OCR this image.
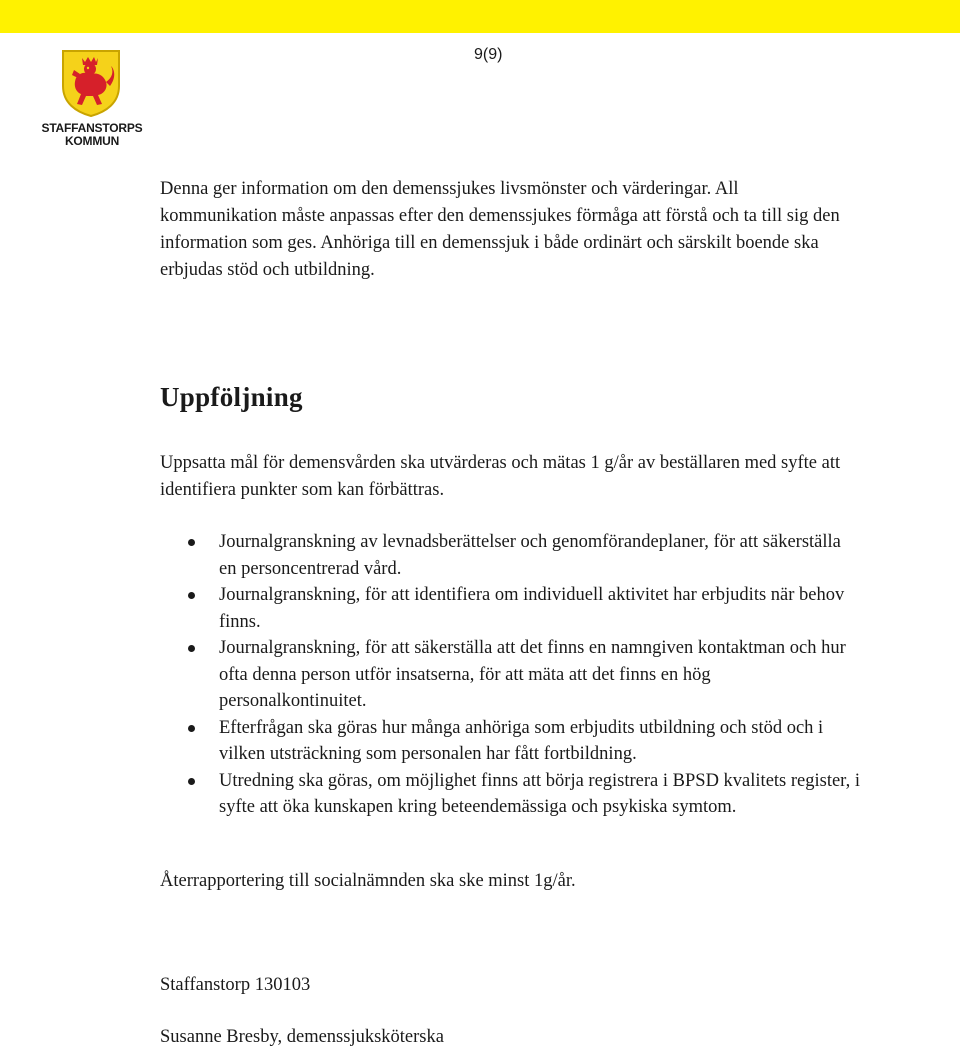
9(9)
STAFFANSTORPS
KOMMUN

Denna ger information om den demenssjukes livsmönster och värderingar. All kommunikation måste anpassas efter den demenssjukes förmåga att förstå och ta till sig den information som ges. Anhöriga till en demenssjuk i både ordinärt och särskilt boende ska erbjudas stöd och utbildning.

Uppföljning

Uppsatta mål för demensvården ska utvärderas och mätas 1 g/år av beställaren med syfte att identifiera punkter som kan förbättras.

Journalgranskning av levnadsberättelser och genomförandeplaner, för att säkerställa en personcentrerad vård.
Journalgranskning, för att identifiera om individuell aktivitet har erbjudits när behov finns.
Journalgranskning, för att säkerställa att det finns en namngiven kontaktman och hur ofta denna person utför insatserna, för att mäta att det finns en hög personalkontinuitet.
Efterfrågan ska göras hur många anhöriga som erbjudits utbildning och stöd och i vilken utsträckning som personalen har fått fortbildning.
Utredning ska göras, om möjlighet finns att börja registrera i BPSD kvalitets register, i syfte att öka kunskapen kring beteendemässiga och psykiska symtom.

Återrapportering till socialnämnden ska ske minst 1g/år.

Staffanstorp 130103

Susanne Bresby, demenssjuksköterska
